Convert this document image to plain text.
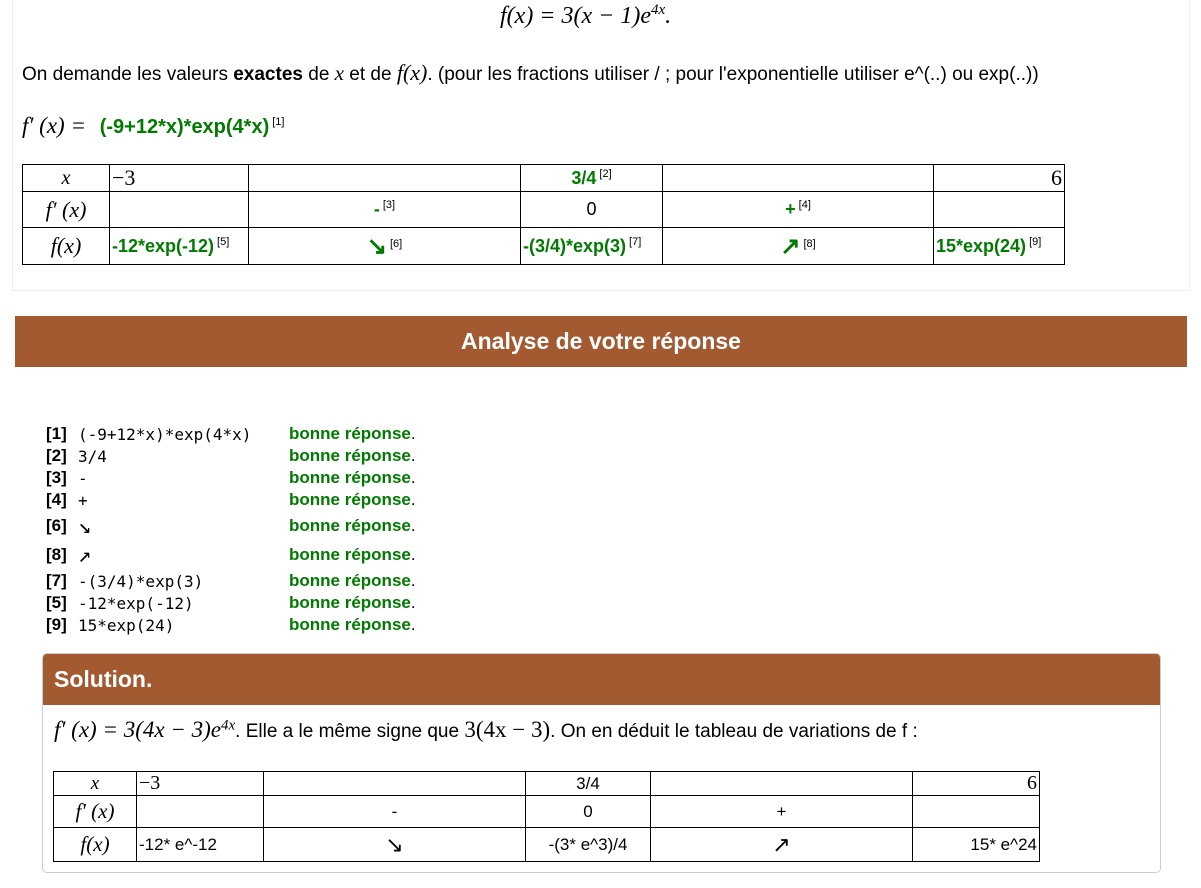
$f(x) = 3(x - 1)e^{4x}$.
On demande les valeurs exactes de x et de f(x). (pour les fractions utiliser / ; pour l'exponentielle utiliser e^(..) ou exp(..))
f′ (x) = (-9+12*x)*exp(4*x) [1]
x	−3		3/4 [2]		6
f′ (x)		- [3]	0	+ [4]	
f(x)	-12*exp(-12) [5]	↘ [6]	-(3/4)*exp(3) [7]	↗ [8]	15*exp(24) [9]
Analyse de votre réponse
[1] (-9+12*x)*exp(4*x)	bonne réponse .
[2] 3/4	bonne réponse .
[3] -	bonne réponse .
[4] +	bonne réponse .
[6] ↘	bonne réponse .
[8] ↗	bonne réponse .
[7] -(3/4)*exp(3)	bonne réponse .
[5] -12*exp(-12)	bonne réponse .
[9] 15*exp(24)	bonne réponse .
Solution.
f′ $(x) = 3(4x - 3)e^{4x}$. Elle a le même signe que 3(4x − 3). On en déduit le tableau de variations de f :
x	−3		3/4		6
f′ (x)		-	0	+	
f(x)	-12* e^-12	↘	-(3* e^3)/4	↗	15* e^24
